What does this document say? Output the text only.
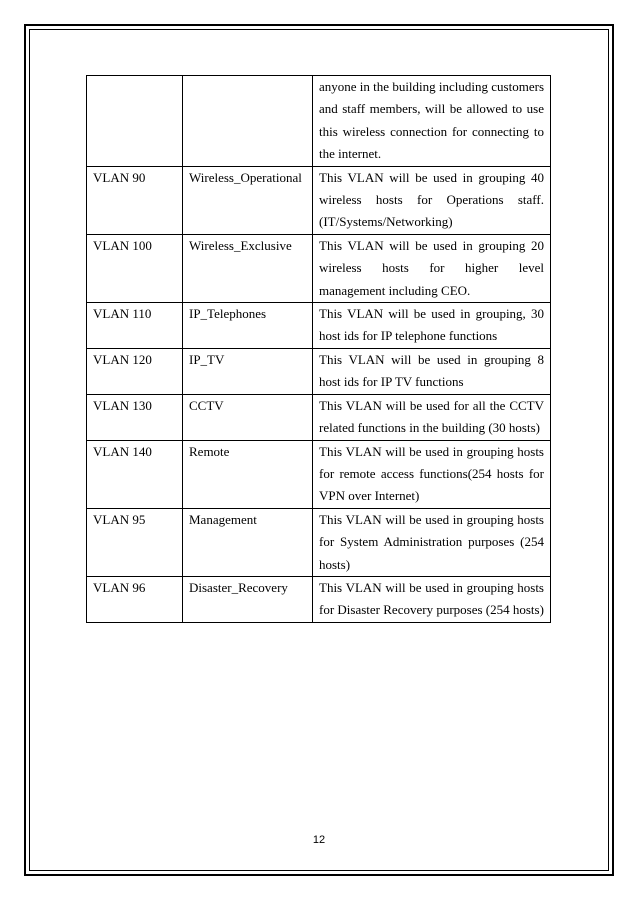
		anyone in the building including customers and staff members, will be allowed to use this wireless connection for connecting to the internet.
VLAN 90	Wireless_Operational	This VLAN will be used in grouping 40 wireless hosts for Operations staff. (IT/Systems/Networking)
VLAN 100	Wireless_Exclusive	This VLAN will be used in grouping 20 wireless hosts for higher level management including CEO.
VLAN 110	IP_Telephones	This VLAN will be used in grouping, 30 host ids for IP telephone functions
VLAN 120	IP_TV	This VLAN will be used in grouping 8 host ids for IP TV functions
VLAN 130	CCTV	This VLAN will be used for all the CCTV related functions in the building (30 hosts)
VLAN 140	Remote	This VLAN will be used in grouping hosts for remote access functions(254 hosts for VPN over Internet)
VLAN 95	Management	This VLAN will be used in grouping hosts for System Administration purposes (254 hosts)
VLAN 96	Disaster_Recovery	This VLAN will be used in grouping hosts for Disaster Recovery purposes (254 hosts)
12
